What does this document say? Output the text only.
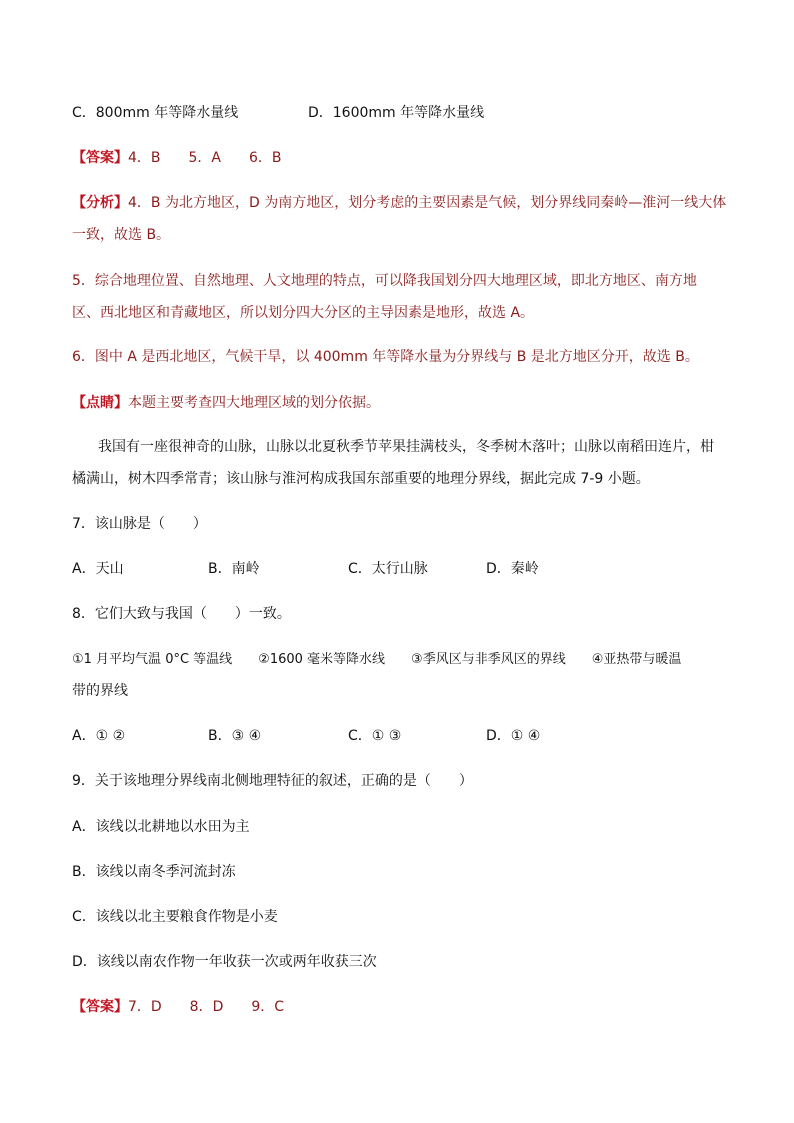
C．800mm 年等降水量线	D．1600mm 年等降水量线
【答案】4．B　　5．A　　6．B
【分析】4．B 为北方地区，D 为南方地区，划分考虑的主要因素是气候，划分界线同秦岭—淮河一线大体
一致，故选 B。
5．综合地理位置、自然地理、人文地理的特点，可以降我国划分四大地理区域，即北方地区、南方地
区、西北地区和青藏地区，所以划分四大分区的主导因素是地形，故选 A。
6．图中 A 是西北地区，气候干旱，以 400mm 年等降水量为分界线与 B 是北方地区分开，故选 B。
【点睛】本题主要考查四大地理区域的划分依据。
我国有一座很神奇的山脉，山脉以北夏秋季节苹果挂满枝头，冬季树木落叶；山脉以南稻田连片，柑
橘满山，树木四季常青；该山脉与淮河构成我国东部重要的地理分界线，据此完成 7-9 小题。
7．该山脉是（　　）
A．天山	B．南岭	C．太行山脉	D．秦岭
8．它们大致与我国（　　）一致。
①1 月平均气温 0°C 等温线　　②1600 毫米等降水线　　③季风区与非季风区的界线　　④亚热带与暖温
带的界线
A．① ②	B．③ ④	C．① ③	D．① ④
9．关于该地理分界线南北侧地理特征的叙述，正确的是（　　）
A．该线以北耕地以水田为主
B．该线以南冬季河流封冻
C．该线以北主要粮食作物是小麦
D．该线以南农作物一年收获一次或两年收获三次
【答案】7．D　　8．D　　9．C
